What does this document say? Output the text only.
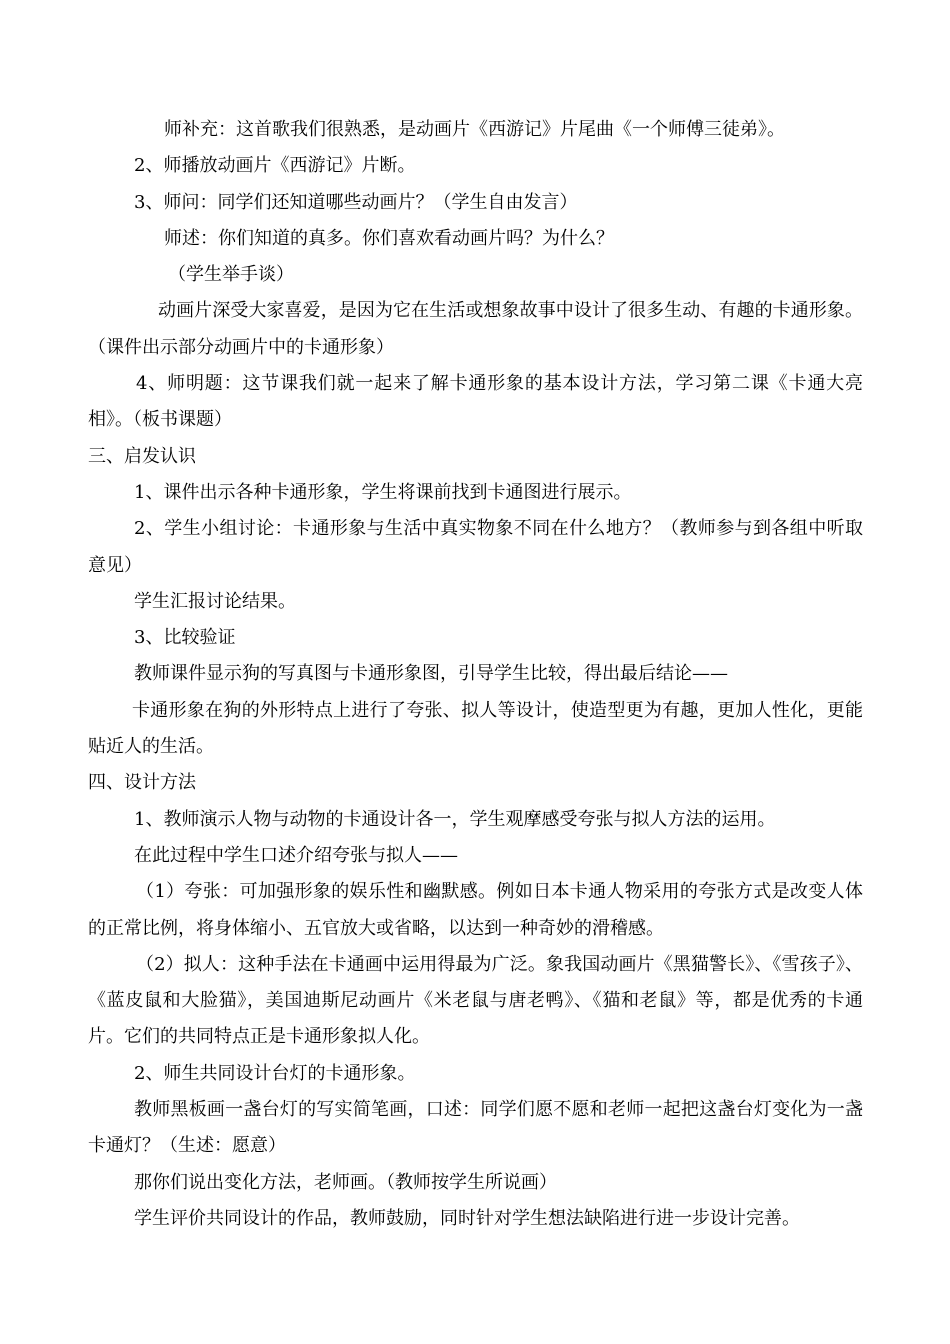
师补充：这首歌我们很熟悉，是动画片《西游记》片尾曲《一个师傅三徒弟》。

2、师播放动画片《西游记》片断。

3、师问：同学们还知道哪些动画片？（学生自由发言）

师述：你们知道的真多。你们喜欢看动画片吗？为什么？

（学生举手谈）

动画片深受大家喜爱，是因为它在生活或想象故事中设计了很多生动、有趣的卡通形象。（课件出示部分动画片中的卡通形象）

4、师明题：这节课我们就一起来了解卡通形象的基本设计方法，学习第二课《卡通大亮相》。（板书课题）

三、启发认识

1、课件出示各种卡通形象，学生将课前找到卡通图进行展示。

2、学生小组讨论：卡通形象与生活中真实物象不同在什么地方？（教师参与到各组中听取意见）

学生汇报讨论结果。

3、比较验证

教师课件显示狗的写真图与卡通形象图，引导学生比较，得出最后结论——

卡通形象在狗的外形特点上进行了夸张、拟人等设计，使造型更为有趣，更加人性化，更能贴近人的生活。

四、设计方法

1、教师演示人物与动物的卡通设计各一，学生观摩感受夸张与拟人方法的运用。

在此过程中学生口述介绍夸张与拟人——

（1）夸张：可加强形象的娱乐性和幽默感。例如日本卡通人物采用的夸张方式是改变人体的正常比例，将身体缩小、五官放大或省略，以达到一种奇妙的滑稽感。

（2）拟人：这种手法在卡通画中运用得最为广泛。象我国动画片《黑猫警长》、《雪孩子》、《蓝皮鼠和大脸猫》，美国迪斯尼动画片《米老鼠与唐老鸭》、《猫和老鼠》等，都是优秀的卡通片。它们的共同特点正是卡通形象拟人化。

2、师生共同设计台灯的卡通形象。

教师黑板画一盏台灯的写实简笔画，口述：同学们愿不愿和老师一起把这盏台灯变化为一盏卡通灯？（生述：愿意）

那你们说出变化方法，老师画。（教师按学生所说画）

学生评价共同设计的作品，教师鼓励，同时针对学生想法缺陷进行进一步设计完善。
